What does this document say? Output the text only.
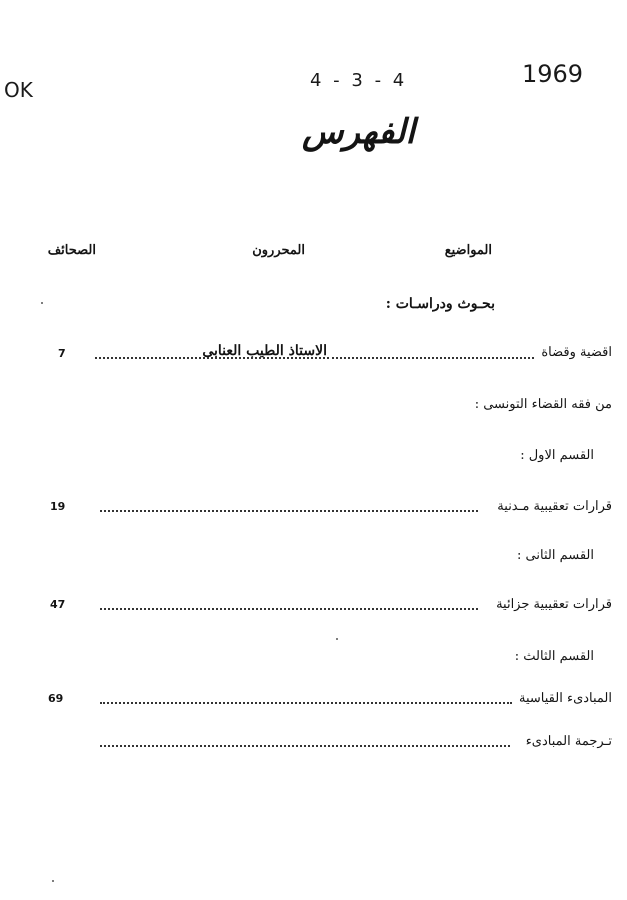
OK
1969
4 - 3 - 4
الفهرس
المواضيع
المحررون
الصحائف
بحـوث ودراسـات :
اقضية وقضاة
الاستاذ الطيب العنابى
7
من فقه القضاء التونسى :
القسم الاول :
قرارات تعقيبية مـدنية
19
القسم الثانى :
قرارات تعقيبية جزائية
47
القسم الثالث :
المبادىء القياسية
69
تـرجمة المبادىء
